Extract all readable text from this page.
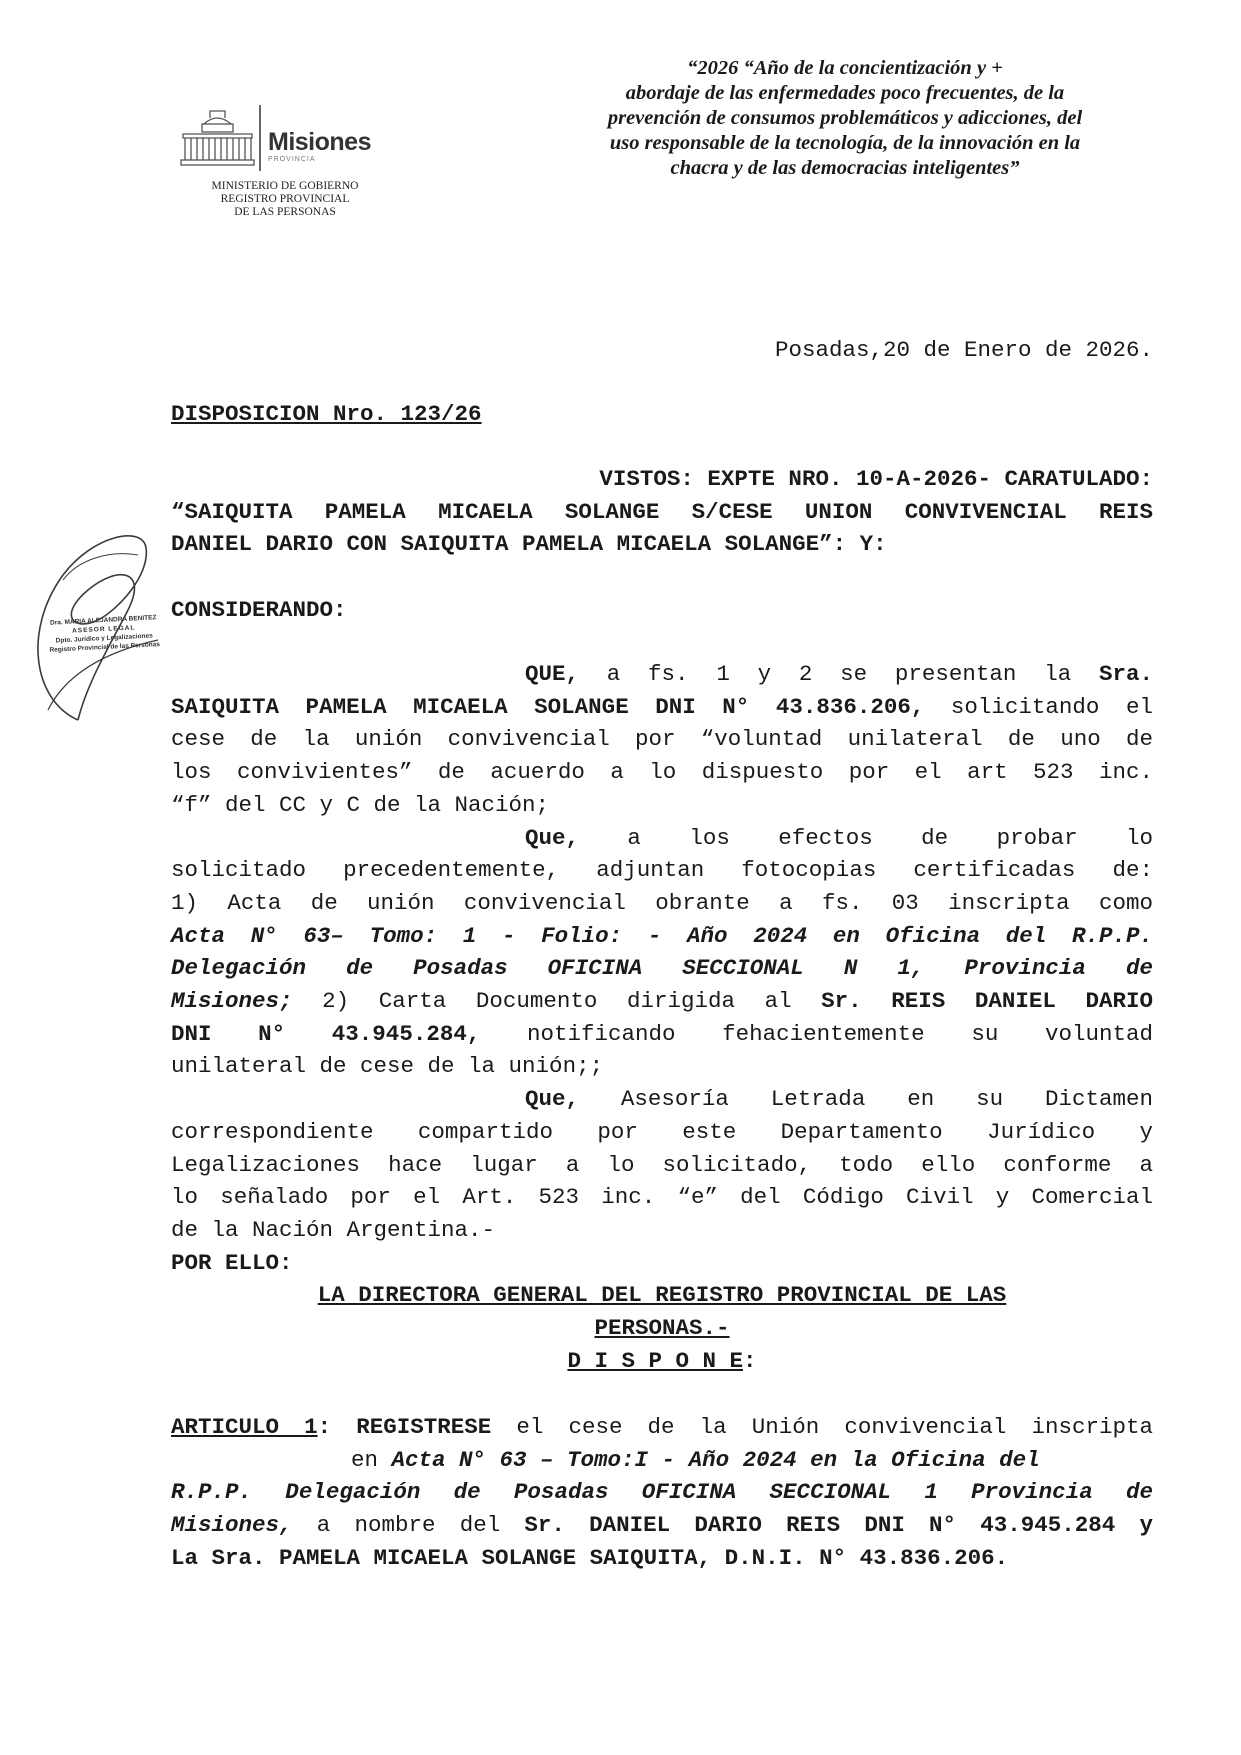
Misiones
PROVINCIA
MINISTERIO DE GOBIERNO
REGISTRO PROVINCIAL
DE LAS PERSONAS
“2026 “Año de la concientización y +
abordaje de las enfermedades poco frecuentes, de la
prevención de consumos problemáticos y adicciones, del
uso responsable de la tecnología, de la innovación en la
chacra y de las democracias inteligentes”
Dra. MARIA ALEJANDRA BENITEZ
ASESOR LEGAL
Dpto. Jurídico y Legalizaciones
Registro Provincial de las Personas
Posadas,20 de Enero de 2026.
DISPOSICION Nro. 123/26
VISTOS: EXPTE NRO. 10-A-2026- CARATULADO:
“SAIQUITA PAMELA MICAELA SOLANGE S/CESE UNION CONVIVENCIAL REIS
DANIEL DARIO CON SAIQUITA PAMELA MICAELA SOLANGE”: Y:
CONSIDERANDO:
QUE, a fs. 1 y 2 se presentan la Sra.
SAIQUITA PAMELA MICAELA SOLANGE DNI N° 43.836.206, solicitando el
cese de la unión convivencial por “voluntad unilateral de uno de
los convivientes” de acuerdo a lo dispuesto por el art 523 inc.
“f” del CC y C de la Nación;
Que, a los efectos de probar lo
solicitado precedentemente, adjuntan fotocopias certificadas de:
1) Acta de unión convivencial obrante a fs. 03 inscripta como
Acta N° 63– Tomo: 1 - Folio: - Año 2024 en Oficina del R.P.P.
Delegación de Posadas OFICINA SECCIONAL N 1, Provincia de
Misiones; 2) Carta Documento dirigida al Sr. REIS DANIEL DARIO
DNI N° 43.945.284, notificando fehacientemente su voluntad
unilateral de cese de la unión;;
Que, Asesoría Letrada en su Dictamen
correspondiente compartido por este Departamento Jurídico y
Legalizaciones hace lugar a lo solicitado, todo ello conforme a
lo señalado por el Art. 523 inc. “e” del Código Civil y Comercial
de la Nación Argentina.-
POR ELLO:
LA DIRECTORA GENERAL DEL REGISTRO PROVINCIAL DE LAS
PERSONAS.-
D I S P O N E:
ARTICULO 1: REGISTRESE el cese de la Unión convivencial inscripta
en Acta N° 63 – Tomo:I - Año 2024 en la Oficina del
R.P.P. Delegación de Posadas OFICINA SECCIONAL 1 Provincia de
Misiones, a nombre del Sr. DANIEL DARIO REIS DNI N° 43.945.284 y
La Sra. PAMELA MICAELA SOLANGE SAIQUITA, D.N.I. N° 43.836.206.
